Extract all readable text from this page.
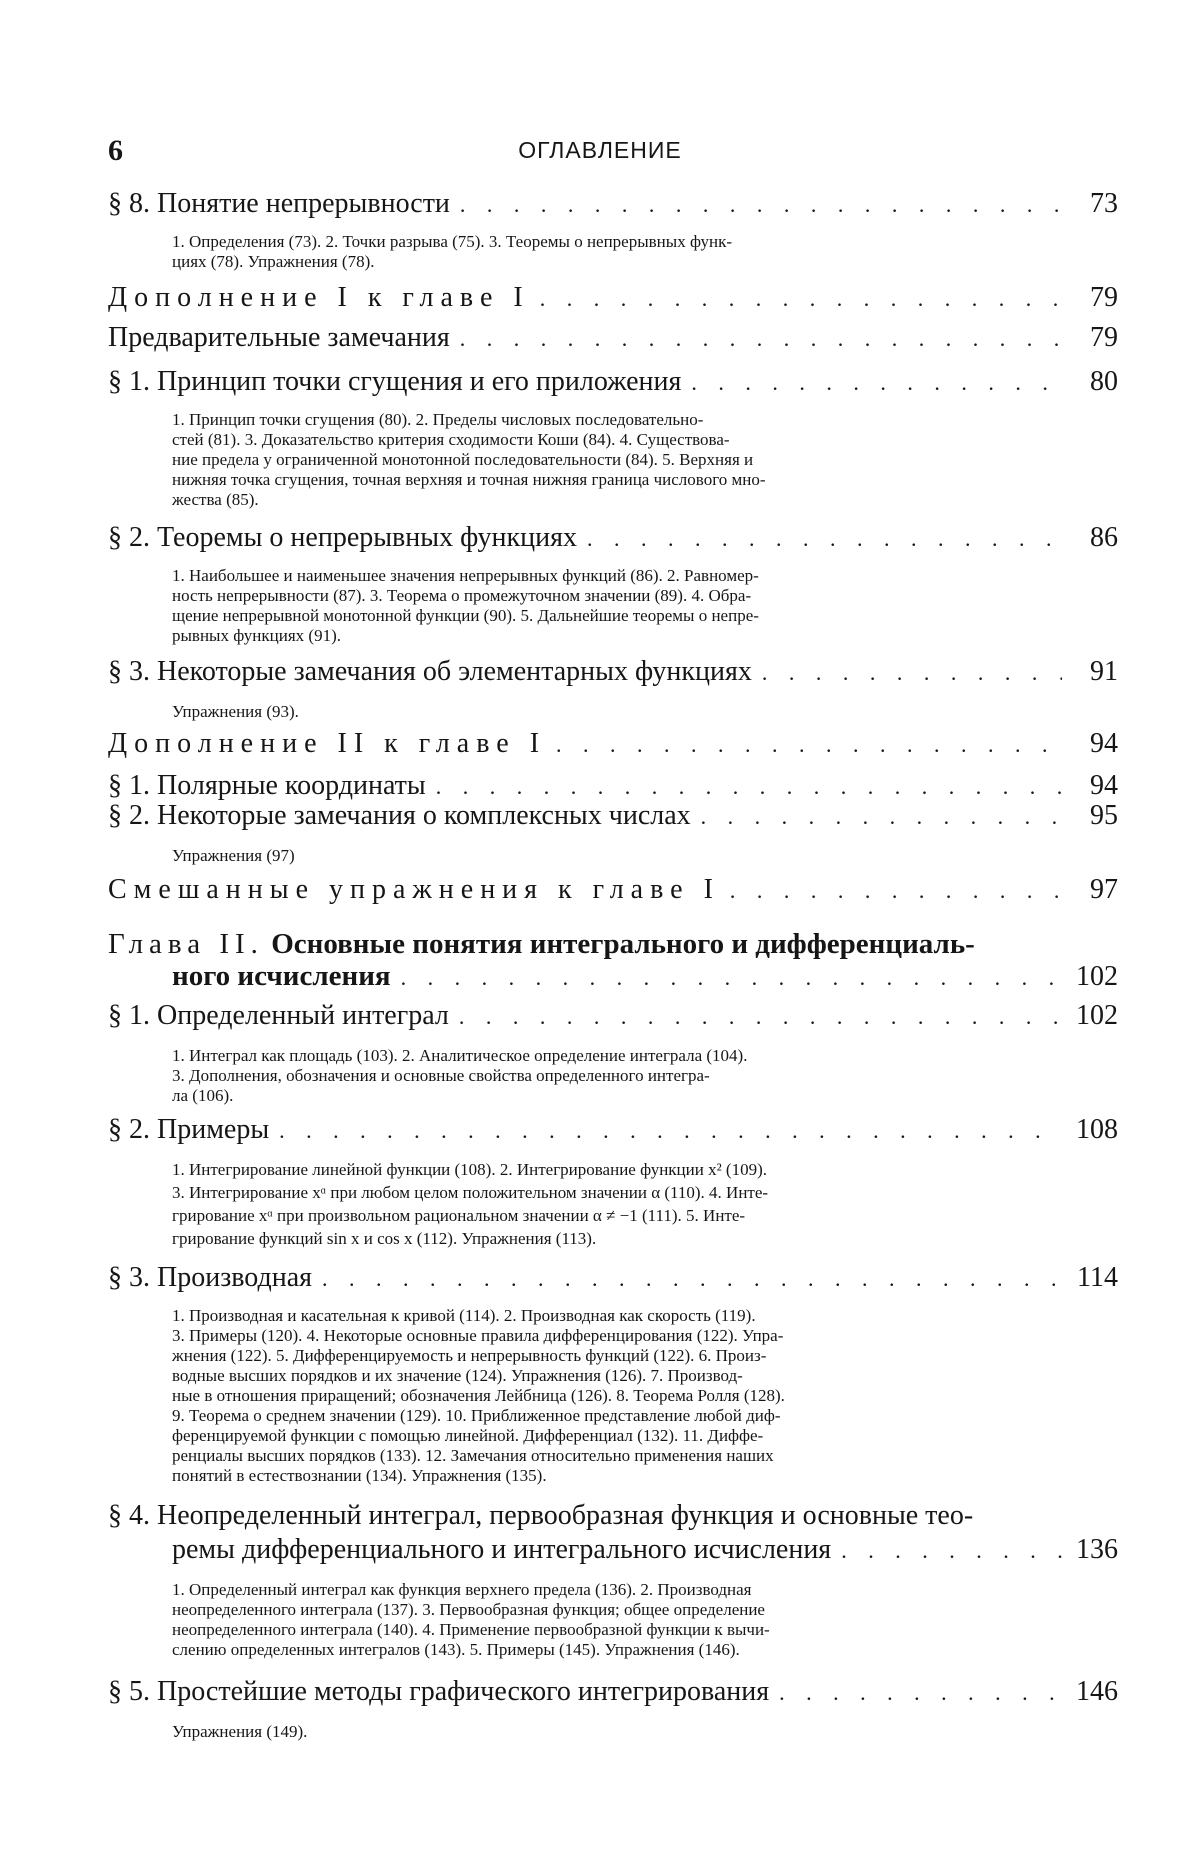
6	ОГЛАВЛЕНИЕ
§ 8. Понятие непрерывности . . .	73
1. Определения (73). 2. Точки разрыва (75). 3. Теоремы о непрерывных функ-
циях (78). Упражнения (78).
Дополнение I к главе I . . .	79
Предварительные замечания . . .	79
§ 1. Принцип точки сгущения и его приложения . . .	80
1. Принцип точки сгущения (80). 2. Пределы числовых последовательно-
стей (81). 3. Доказательство критерия сходимости Коши (84). 4. Существова-
ние предела у ограниченной монотонной последовательности (84). 5. Верхняя и
нижняя точка сгущения, точная верхняя и точная нижняя граница числового мно-
жества (85).
§ 2. Теоремы о непрерывных функциях . . .	86
1. Наибольшее и наименьшее значения непрерывных функций (86). 2. Равномер-
ность непрерывности (87). 3. Теорема о промежуточном значении (89). 4. Обра-
щение непрерывной монотонной функции (90). 5. Дальнейшие теоремы о непре-
рывных функциях (91).
§ 3. Некоторые замечания об элементарных функциях . . .	91
Упражнения (93).
Дополнение II к главе I . . .	94
§ 1. Полярные координаты . . .	94
§ 2. Некоторые замечания о комплексных числах . . .	95
Упражнения (97)
Смешанные упражнения к главе I . . .	97
Глава II. Основные понятия интегрального и дифференциаль-
ного исчисления . . .	102
§ 1. Определенный интеграл . . .	102
1. Интеграл как площадь (103). 2. Аналитическое определение интеграла (104).
3. Дополнения, обозначения и основные свойства определенного интегра-
ла (106).
§ 2. Примеры . . .	108
1. Интегрирование линейной функции (108). 2. Интегрирование функции x² (109).
3. Интегрирование xᵅ при любом целом положительном значении α (110). 4. Инте-
грирование xᵅ при произвольном рациональном значении α ≠ −1 (111). 5. Инте-
грирование функций sin x и cos x (112). Упражнения (113).
§ 3. Производная . . .	114
1. Производная и касательная к кривой (114). 2. Производная как скорость (119).
3. Примеры (120). 4. Некоторые основные правила дифференцирования (122). Упра-
жнения (122). 5. Дифференцируемость и непрерывность функций (122). 6. Произ-
водные высших порядков и их значение (124). Упражнения (126). 7. Производ-
ные в отношения приращений; обозначения Лейбница (126). 8. Теорема Ролля (128).
9. Теорема о среднем значении (129). 10. Приближенное представление любой диф-
ференцируемой функции с помощью линейной. Дифференциал (132). 11. Диффе-
ренциалы высших порядков (133). 12. Замечания относительно применения наших
понятий в естествознании (134). Упражнения (135).
§ 4. Неопределенный интеграл, первообразная функция и основные тео-
ремы дифференциального и интегрального исчисления . . .	136
1. Определенный интеграл как функция верхнего предела (136). 2. Производная
неопределенного интеграла (137). 3. Первообразная функция; общее определение
неопределенного интеграла (140). 4. Применение первообразной функции к вычи-
слению определенных интегралов (143). 5. Примеры (145). Упражнения (146).
§ 5. Простейшие методы графического интегрирования . . .	146
Упражнения (149).
